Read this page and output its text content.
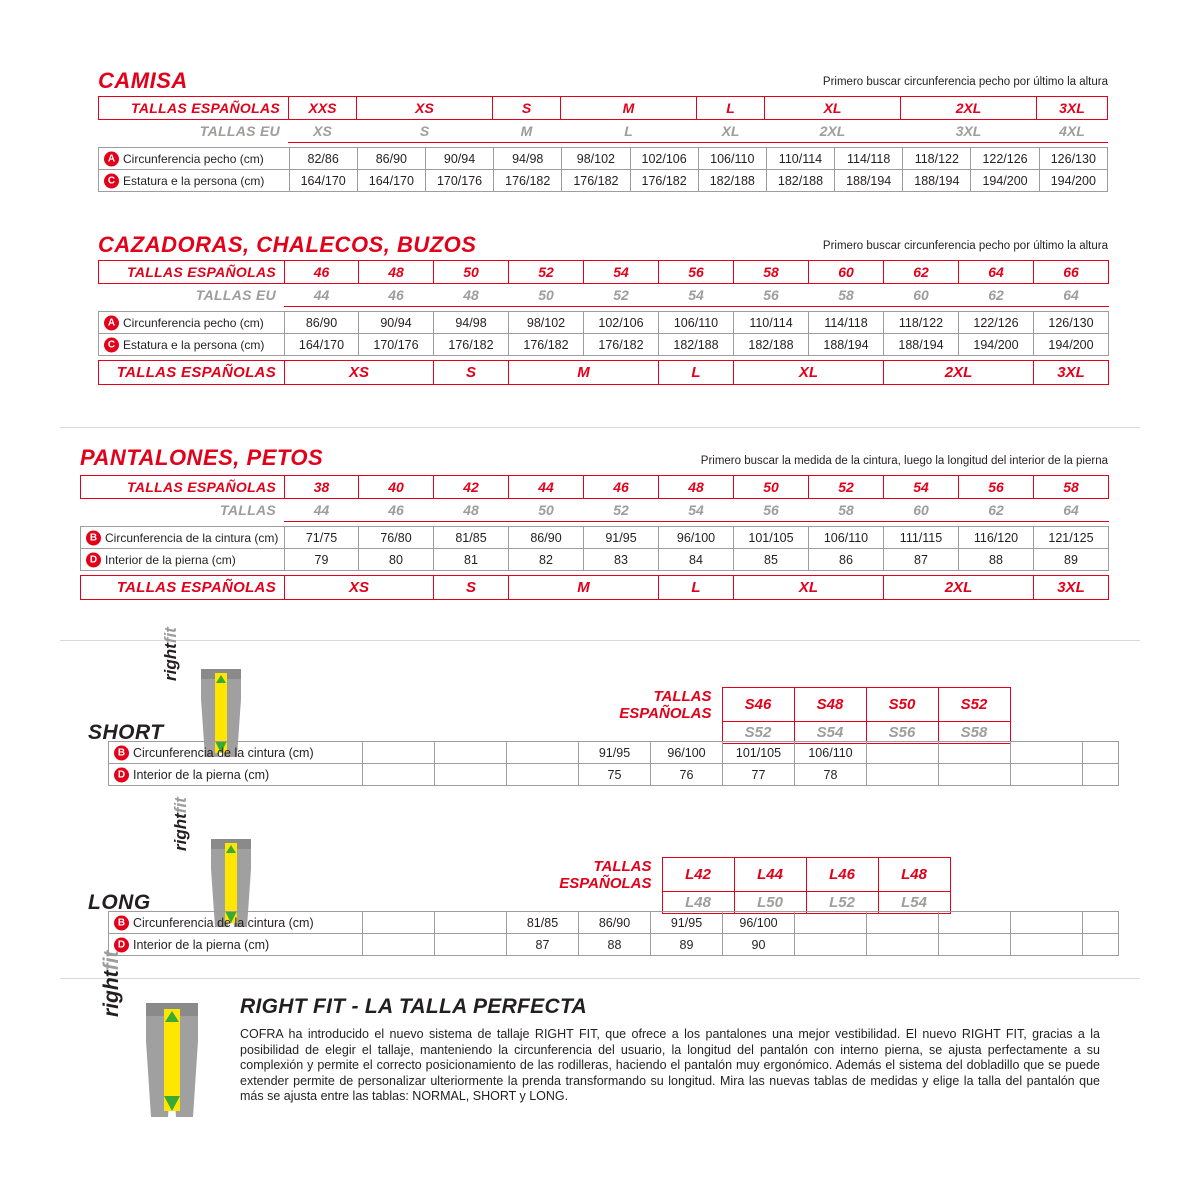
CAMISA	Primero buscar circunferencia pecho por último la altura
TALLAS ESPAÑOLAS	XXS	XS	S	M	L	XL	2XL	3XL
TALLAS EU	XS	S	M	L	XL	2XL	3XL	4XL
A Circunferencia pecho (cm)	82/86	86/90	90/94	94/98	98/102	102/106	106/110	110/114	114/118	118/122	122/126	126/130

C Estatura e la persona (cm)	164/170	164/170	170/176	176/182	176/182	176/182	182/188	182/188	188/194	188/194	194/200	194/200
CAZADORAS, CHALECOS, BUZOS	Primero buscar circunferencia pecho por último la altura
TALLAS ESPAÑOLAS	46	48	50	52	54	56	58	60	62	64	66
TALLAS EU	44	46	48	50	52	54	56	58	60	62	64
A Circunferencia pecho (cm)	86/90	90/94	94/98	98/102	102/106	106/110	110/114	114/118	118/122	122/126	126/130

C Estatura e la persona (cm)	164/170	170/176	176/182	176/182	176/182	182/188	182/188	188/194	188/194	194/200	194/200
TALLAS ESPAÑOLAS	XS	S	M	L	XL	2XL	3XL
PANTALONES, PETOS	Primero buscar la medida de la cintura, luego la longitud del interior de la pierna
TALLAS ESPAÑOLAS	38	40	42	44	46	48	50	52	54	56	58
TALLAS	44	46	48	50	52	54	56	58	60	62	64
B Circunferencia de la cintura (cm)	71/75	76/80	81/85	86/90	91/95	96/100	101/105	106/110	111/115	116/120	121/125

D Interior de la pierna (cm)	79	80	81	82	83	84	85	86	87	88	89
TALLAS ESPAÑOLAS	XS	S	M	L	XL	2XL	3XL
rightfit
SHORT
	TALLAS ESPAÑOLAS		S46	S48	S50	S52		
			S52	S54	S56	S58		
B Circunferencia de la cintura (cm)				91/95	96/100	101/105	106/110				

D Interior de la pierna (cm)				75	76	77	78				
rightfit
LONG
	TALLAS ESPAÑOLAS		L42	L44	L46	L48		
			L48	L50	L52	L54		
B Circunferencia de la cintura (cm)			81/85	86/90	91/95	96/100					

D Interior de la pierna (cm)			87	88	89	90					
rightfit
RIGHT FIT - LA TALLA PERFECTA
COFRA ha introducido el nuevo sistema de tallaje RIGHT FIT, que ofrece a los pantalones una mejor vestibilidad. El nuevo RIGHT FIT, gracias a la posibilidad de elegir el tallaje, manteniendo la circunferencia del usuario, la longitud del pantalón con interno pierna, se ajusta perfectamente a su complexión y permite el correcto posicionamiento de las rodilleras, haciendo el pantalón muy ergonómico. Además el sistema del dobladillo que se puede extender permite de personalizar ulteriormente la prenda transformando su longitud. Mira las nuevas tablas de medidas y elige la talla del pantalón que más se ajusta entre las tablas: NORMAL, SHORT y LONG.
